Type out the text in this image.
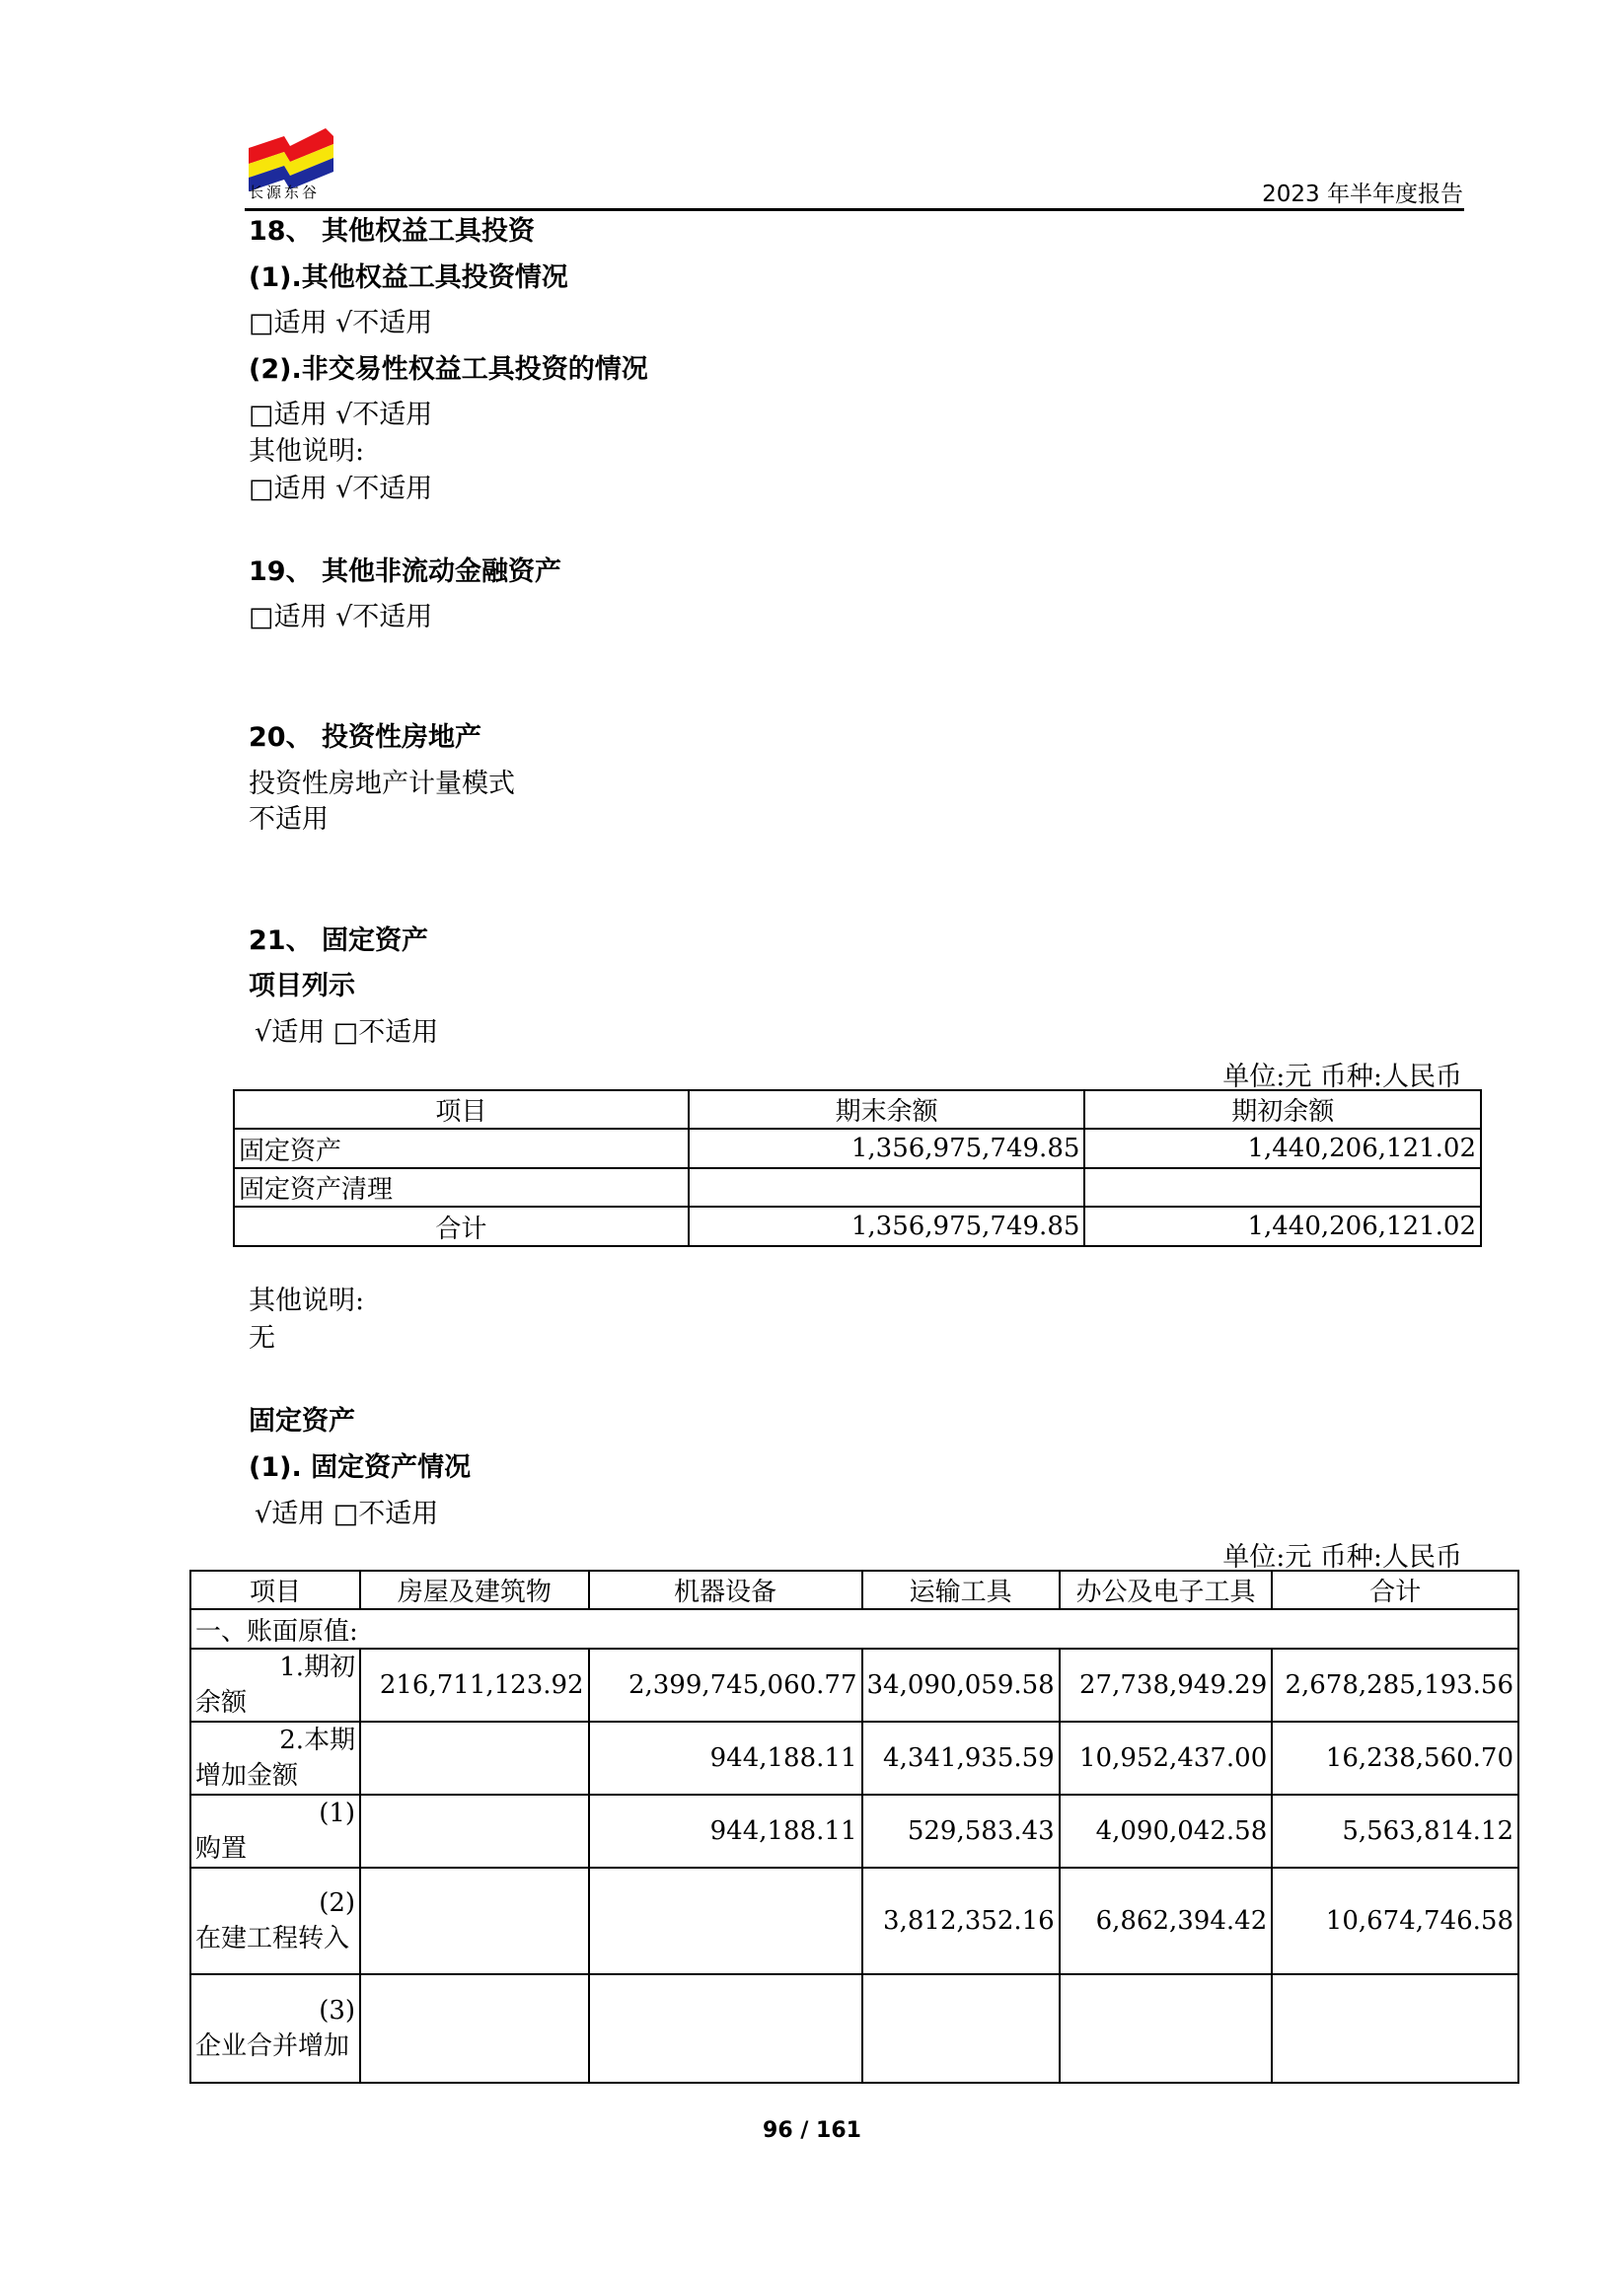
长源东谷	2023 年半年度报告
18、 其他权益工具投资
(1).其他权益工具投资情况
□适用 √不适用
(2).非交易性权益工具投资的情况
□适用 √不适用
其他说明:
□适用 √不适用
19、 其他非流动金融资产
□适用 √不适用
20、 投资性房地产
投资性房地产计量模式
不适用
21、 固定资产
项目列示
√适用 □不适用
单位:元 币种:人民币
项目	期末余额	期初余额
固定资产	1,356,975,749.85	1,440,206,121.02
固定资产清理		
合计	1,356,975,749.85	1,440,206,121.02
其他说明:
无
固定资产
(1). 固定资产情况
√适用 □不适用
单位:元 币种:人民币
项目	房屋及建筑物	机器设备	运输工具	办公及电子工具	合计
一、账面原值:					

1.期初
余额	216,711,123.92	2,399,745,060.77	34,090,059.58	27,738,949.29	2,678,285,193.56

2.本期
增加金额		944,188.11	4,341,935.59	10,952,437.00	16,238,560.70

(1)
购置		944,188.11	529,583.43	4,090,042.58	5,563,814.12

(2)
在建工程转入			3,812,352.16	6,862,394.42	10,674,746.58

(3)
企业合并增加					

96 / 161
